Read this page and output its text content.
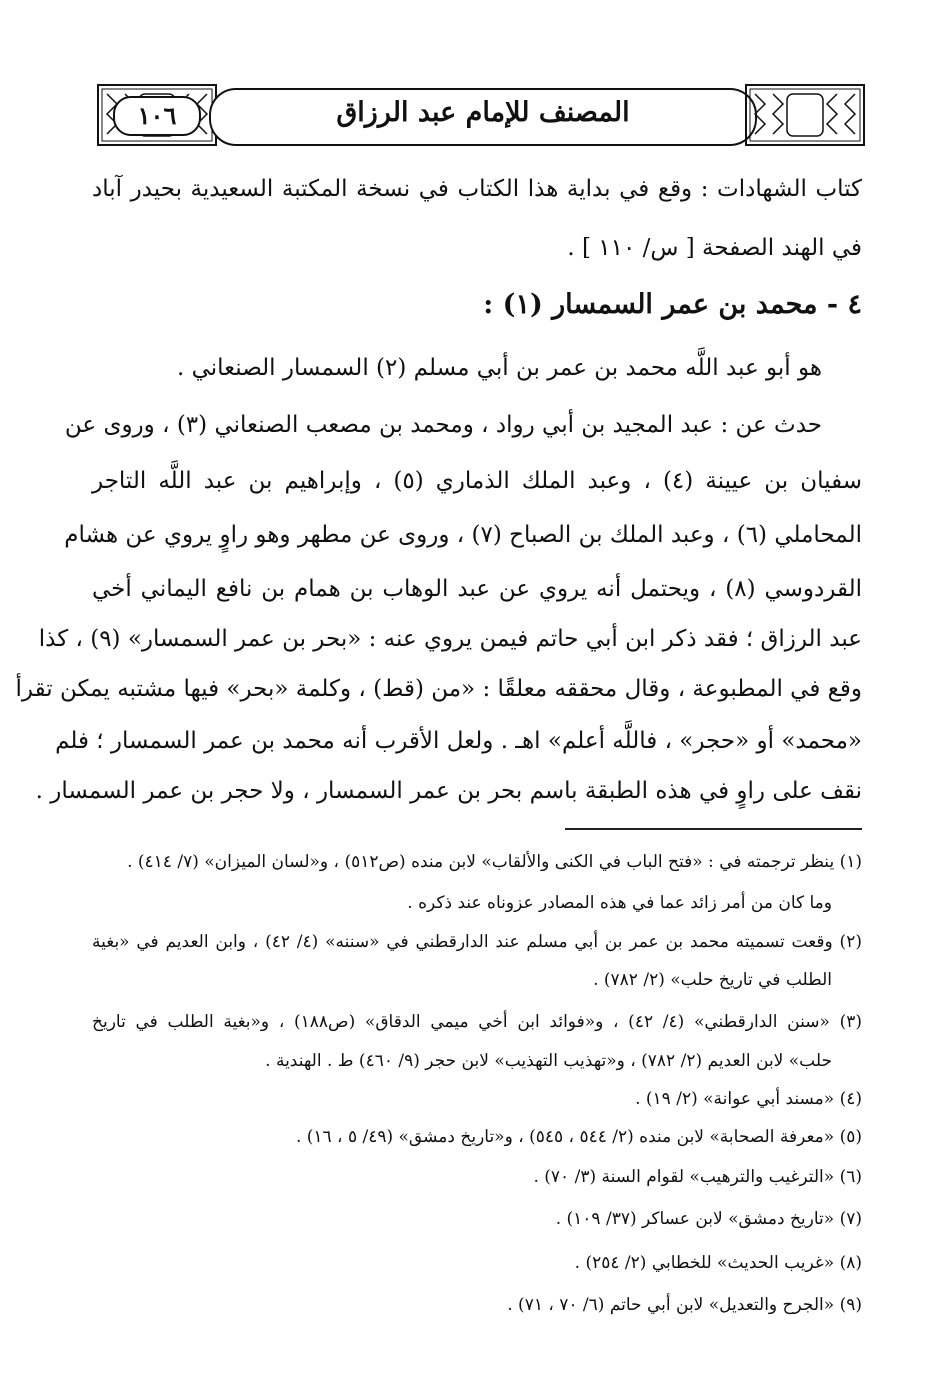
١٠٦	المصنف للإمام عبد الرزاق
كتاب الشهادات : وقع في بداية هذا الكتاب في نسخة المكتبة السعيدية بحيدر آباد
في الهند الصفحة [ س/ ١١٠ ] .
٤ - محمد بن عمر السمسار (١) :
هو أبو عبد اللَّه محمد بن عمر بن أبي مسلم (٢) السمسار الصنعاني .
حدث عن : عبد المجيد بن أبي رواد ، ومحمد بن مصعب الصنعاني (٣) ، وروى عن
سفيان بن عيينة (٤) ، وعبد الملك الذماري (٥) ، وإبراهيم بن عبد اللَّه التاجر
المحاملي (٦) ، وعبد الملك بن الصباح (٧) ، وروى عن مطهر وهو راوٍ يروي عن هشام
القردوسي (٨) ، ويحتمل أنه يروي عن عبد الوهاب بن همام بن نافع اليماني أخي
عبد الرزاق ؛ فقد ذكر ابن أبي حاتم فيمن يروي عنه : «بحر بن عمر السمسار» (٩) ، كذا
وقع في المطبوعة ، وقال محققه معلقًا : «من (قط) ، وكلمة «بحر» فيها مشتبه يمكن تقرأ
«محمد» أو «حجر» ، فاللَّه أعلم» اهـ . ولعل الأقرب أنه محمد بن عمر السمسار ؛ فلم
نقف على راوٍ في هذه الطبقة باسم بحر بن عمر السمسار ، ولا حجر بن عمر السمسار .
(١) ينظر ترجمته في : «فتح الباب في الكنى والألقاب» لابن منده (ص٥١٢) ، و«لسان الميزان» (٧/ ٤١٤) .
وما كان من أمر زائد عما في هذه المصادر عزوناه عند ذكره .
(٢) وقعت تسميته محمد بن عمر بن أبي مسلم عند الدارقطني في «سننه» (٤/ ٤٢) ، وابن العديم في «بغية
الطلب في تاريخ حلب» (٢/ ٧٨٢) .
(٣) «سنن الدارقطني» (٤/ ٤٢) ، و«فوائد ابن أخي ميمي الدقاق» (ص١٨٨) ، و«بغية الطلب في تاريخ
حلب» لابن العديم (٢/ ٧٨٢) ، و«تهذيب التهذيب» لابن حجر (٩/ ٤٦٠) ط . الهندية .
(٤) «مسند أبي عوانة» (٢/ ١٩) .
(٥) «معرفة الصحابة» لابن منده (٢/ ٥٤٤ ، ٥٤٥) ، و«تاريخ دمشق» (٤٩/ ٥ ، ١٦) .
(٦) «الترغيب والترهيب» لقوام السنة (٣/ ٧٠) .
(٧) «تاريخ دمشق» لابن عساكر (٣٧/ ١٠٩) .
(٨) «غريب الحديث» للخطابي (٢/ ٢٥٤) .
(٩) «الجرح والتعديل» لابن أبي حاتم (٦/ ٧٠ ، ٧١) .
